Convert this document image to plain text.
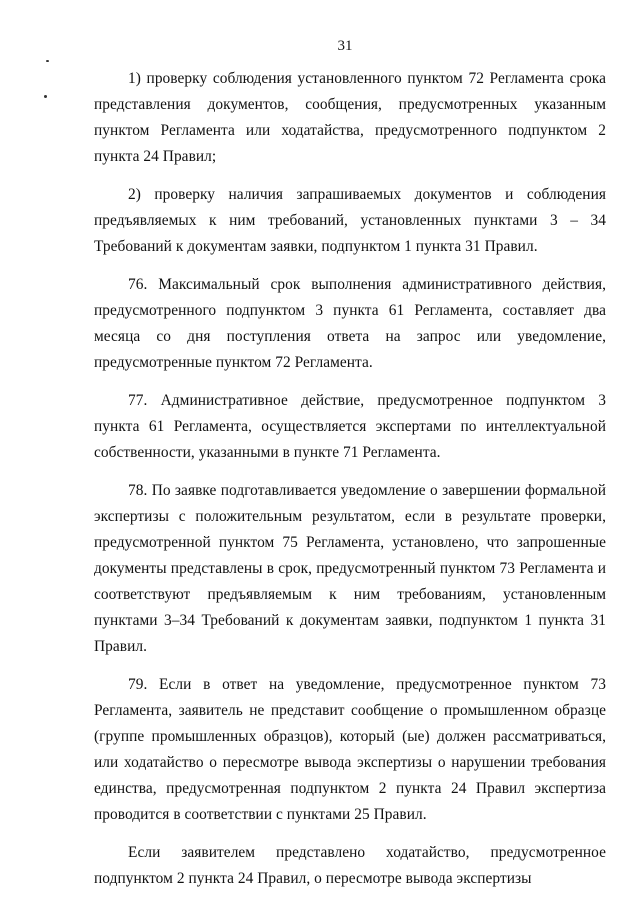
31

1) проверку соблюдения установленного пунктом 72 Регламента срока представления документов, сообщения, предусмотренных указанным пунктом Регламента или ходатайства, предусмотренного подпунктом 2 пункта 24 Правил;

2) проверку наличия запрашиваемых документов и соблюдения предъявляемых к ним требований, установленных пунктами 3 – 34 Требований к документам заявки, подпунктом 1 пункта 31 Правил.

76. Максимальный срок выполнения административного действия, предусмотренного подпунктом 3 пункта 61 Регламента, составляет два месяца со дня поступления ответа на запрос или уведомление, предусмотренные пунктом 72 Регламента.

77. Административное действие, предусмотренное подпунктом 3 пункта 61 Регламента, осуществляется экспертами по интеллектуальной собственности, указанными в пункте 71 Регламента.

78. По заявке подготавливается уведомление о завершении формальной экспертизы с положительным результатом, если в результате проверки, предусмотренной пунктом 75 Регламента, установлено, что запрошенные документы представлены в срок, предусмотренный пунктом 73 Регламента и соответствуют предъявляемым к ним требованиям, установленным пунктами 3–34 Требований к документам заявки, подпунктом 1 пункта 31 Правил.

79. Если в ответ на уведомление, предусмотренное пунктом 73 Регламента, заявитель не представит сообщение о промышленном образце (группе промышленных образцов), который (ые) должен рассматриваться, или ходатайство о пересмотре вывода экспертизы о нарушении требования единства, предусмотренная подпунктом 2 пункта 24 Правил экспертиза проводится в соответствии с пунктами 25 Правил.

Если заявителем представлено ходатайство, предусмотренное подпунктом 2 пункта 24 Правил, о пересмотре вывода экспертизы
